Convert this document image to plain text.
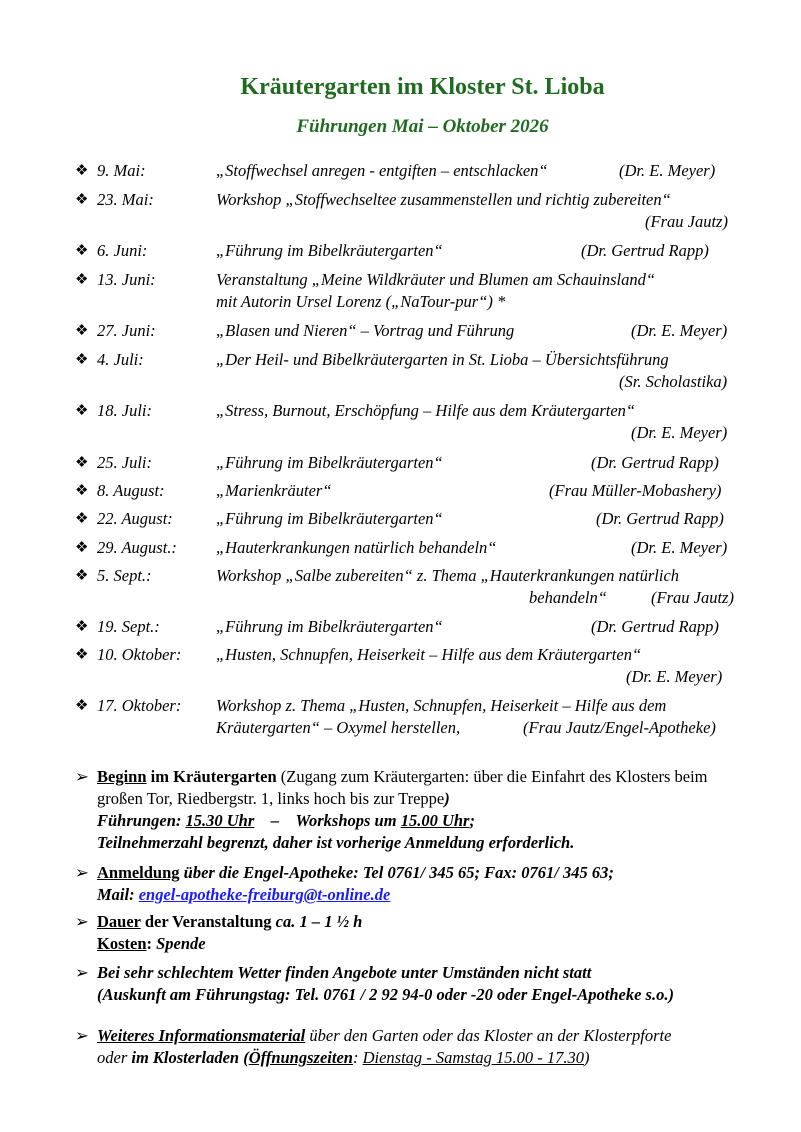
Kräutergarten im Kloster St. Lioba
Führungen Mai – Oktober 2026
❖ 9. Mai:	„Stoffwechsel anregen - entgiften – entschlacken“	(Dr. E. Meyer)
❖ 23. Mai:	Workshop „Stoffwechseltee zusammenstellen und richtig zubereiten“
(Frau Jautz)
❖ 6. Juni:	„Führung im Bibelkräutergarten“	(Dr. Gertrud Rapp)
❖ 13. Juni:	Veranstaltung „Meine Wildkräuter und Blumen am Schauinsland“
mit Autorin Ursel Lorenz („NaTour-pur“) *
❖ 27. Juni:	„Blasen und Nieren“ – Vortrag und Führung	(Dr. E. Meyer)
❖ 4. Juli:	„Der Heil- und Bibelkräutergarten in St. Lioba – Übersichtsführung
(Sr. Scholastika)
❖ 18. Juli:	„Stress, Burnout, Erschöpfung – Hilfe aus dem Kräutergarten“
(Dr. E. Meyer)
❖ 25. Juli:	„Führung im Bibelkräutergarten“	(Dr. Gertrud Rapp)
❖ 8. August:	„Marienkräuter“	(Frau Müller-Mobashery)
❖ 22. August:	„Führung im Bibelkräutergarten“	(Dr. Gertrud Rapp)
❖ 29. August.: „Hauterkrankungen natürlich behandeln“	(Dr. E. Meyer)
❖ 5. Sept.:	Workshop „Salbe zubereiten“ z. Thema „Hauterkrankungen natürlich
behandeln“	(Frau Jautz)
❖ 19. Sept.:	„Führung im Bibelkräutergarten“	(Dr. Gertrud Rapp)
❖ 10. Oktober: „Husten, Schnupfen, Heiserkeit – Hilfe aus dem Kräutergarten“
(Dr. E. Meyer)
❖ 17. Oktober: Workshop z. Thema „Husten, Schnupfen, Heiserkeit – Hilfe aus dem
Kräutergarten“ – Oxymel herstellen,	(Frau Jautz/Engel-Apotheke)
➢ Beginn im Kräutergarten (Zugang zum Kräutergarten: über die Einfahrt des Klosters beim
großen Tor, Riedbergstr. 1, links hoch bis zur Treppe)
Führungen: 15.30 Uhr – Workshops um 15.00 Uhr;
Teilnehmerzahl begrenzt, daher ist vorherige Anmeldung erforderlich.
➢ Anmeldung über die Engel-Apotheke: Tel 0761/ 345 65; Fax: 0761/ 345 63;
Mail: engel-apotheke-freiburg@t-online.de
➢ Dauer der Veranstaltung ca. 1 – 1 ½ h
Kosten: Spende
➢ Bei sehr schlechtem Wetter finden Angebote unter Umständen nicht statt
(Auskunft am Führungstag: Tel. 0761 / 2 92 94-0 oder -20 oder Engel-Apotheke s.o.)
➢ Weiteres Informationsmaterial über den Garten oder das Kloster an der Klosterpforte
oder im Klosterladen (Öffnungszeiten: Dienstag - Samstag 15.00 - 17.30)
